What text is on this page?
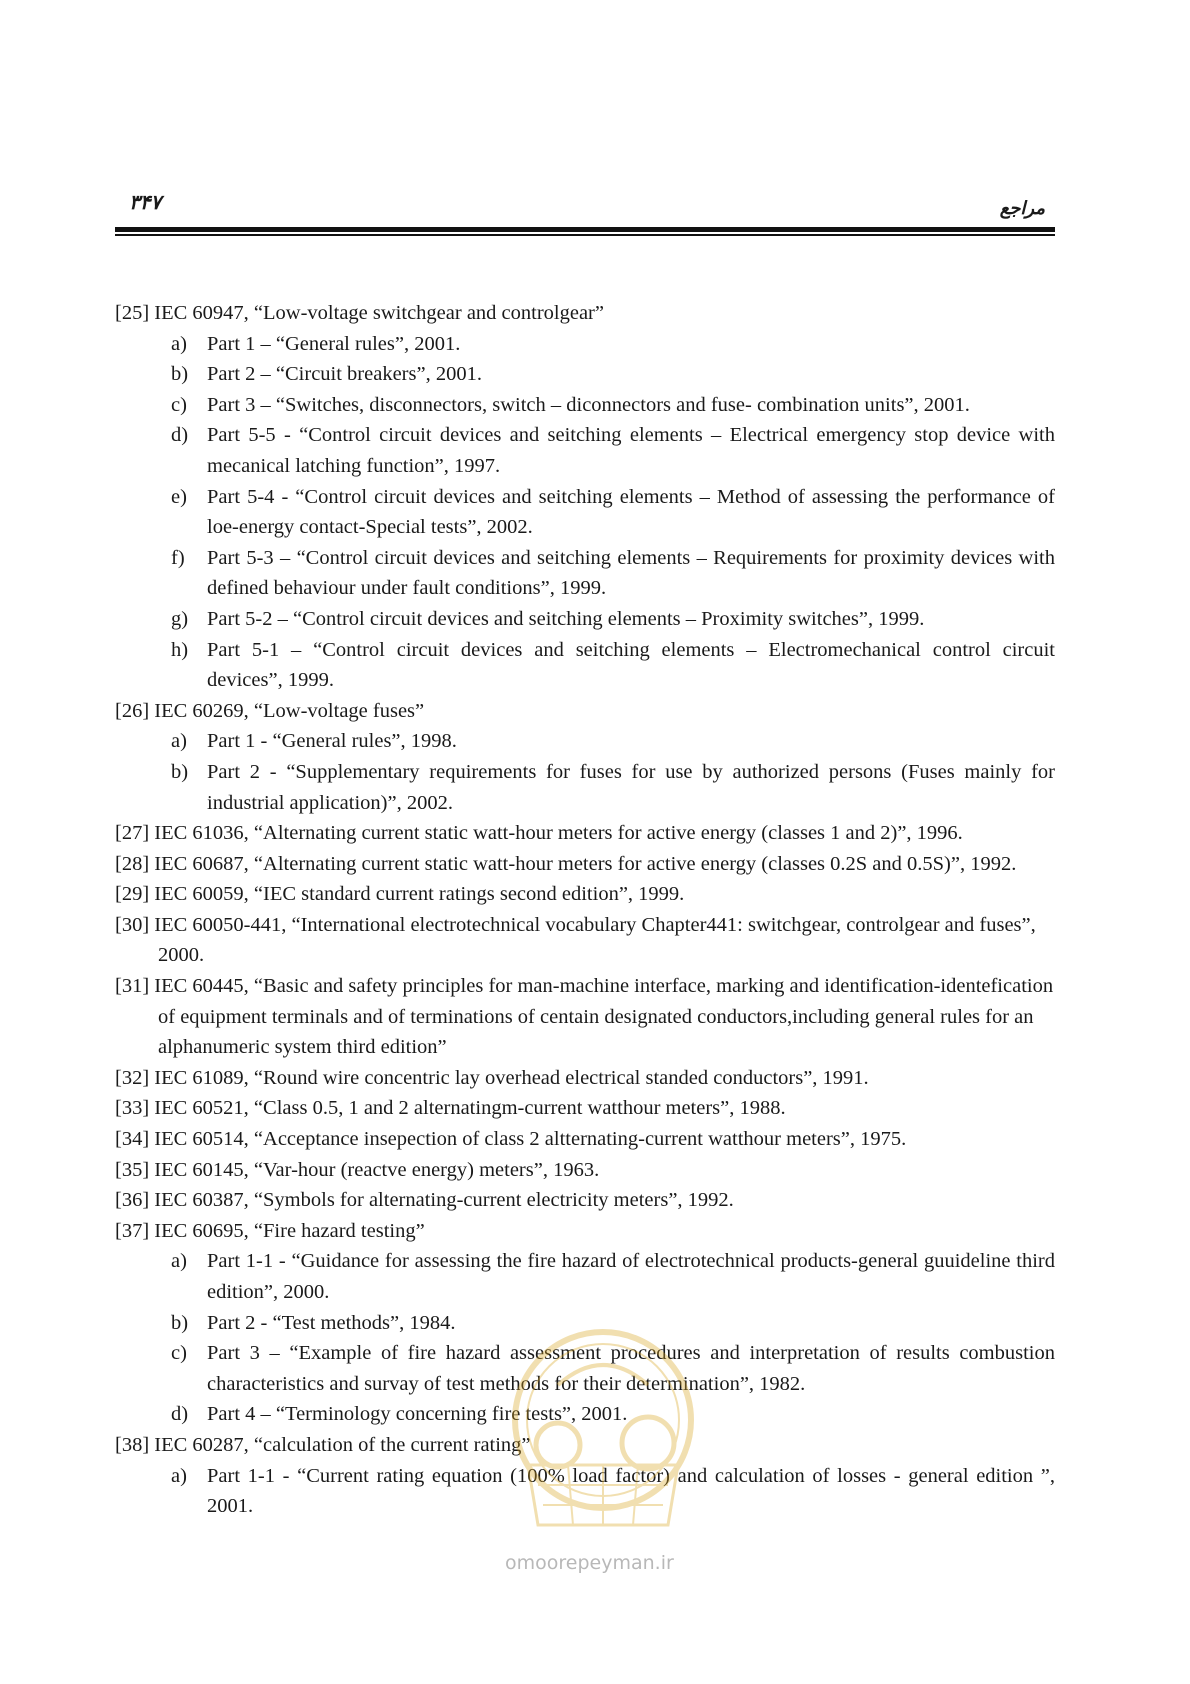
۳۴۷	مراجع
[25] IEC 60947, “Low-voltage switchgear and controlgear”
a) Part 1 – “General rules”, 2001.
b) Part 2 – “Circuit breakers”, 2001.
c) Part 3 – “Switches, disconnectors, switch – diconnectors and fuse- combination units”, 2001.
d) Part 5-5 - “Control circuit devices and seitching elements – Electrical emergency stop device with mecanical latching function”, 1997.
e) Part 5-4 - “Control circuit devices and seitching elements – Method of assessing the performance of loe-energy contact-Special tests”, 2002.
f)	Part 5-3 – “Control circuit devices and seitching elements – Requirements for proximity devices with defined behaviour under fault conditions”, 1999.
g) Part 5-2 – “Control circuit devices and seitching elements – Proximity switches”, 1999.
h) Part 5-1 – “Control circuit devices and seitching elements – Electromechanical control circuit devices”, 1999.
[26] IEC 60269, “Low-voltage fuses”
a) Part 1 - “General rules”, 1998.
b) Part 2 - “Supplementary requirements for fuses for use by authorized persons (Fuses mainly for industrial application)”, 2002.
[27] IEC 61036, “Alternating current static watt-hour meters for active energy (classes 1 and 2)”, 1996.
[28] IEC 60687, “Alternating current static watt-hour meters for active energy (classes 0.2S and 0.5S)”, 1992.
[29] IEC 60059, “IEC standard current ratings second edition”, 1999.
[30] IEC 60050-441, “International electrotechnical vocabulary Chapter441: switchgear, controlgear and fuses”, 2000.
[31] IEC 60445, “Basic and safety principles for man-machine interface, marking and identification-identefication of equipment terminals and of terminations of centain designated conductors,including general rules for an alphanumeric system third edition”
[32] IEC 61089, “Round wire concentric lay overhead electrical standed conductors”, 1991.
[33] IEC 60521, “Class 0.5, 1 and 2 alternatingm-current watthour meters”, 1988.
[34] IEC 60514, “Acceptance insepection of class 2 altternating-current watthour meters”, 1975.
[35] IEC 60145, “Var-hour (reactve energy) meters”, 1963.
[36] IEC 60387, “Symbols for alternating-current electricity meters”, 1992.
[37] IEC 60695, “Fire hazard testing”
a) Part 1-1 - “Guidance for assessing the fire hazard of electrotechnical products-general guuideline third edition”, 2000.
b) Part 2 - “Test methods”, 1984.
c) Part 3 – “Example of fire hazard assessment procedures and interpretation of results combustion characteristics and survay of test methods for their determination”, 1982.
d) Part 4 – “Terminology concerning fire tests”, 2001.
[38] IEC 60287, “calculation of the current rating”
a) Part 1-1 - “Current rating equation (100% load factor) and calculation of losses - general edition ”, 2001.
omoorepeyman.ir
